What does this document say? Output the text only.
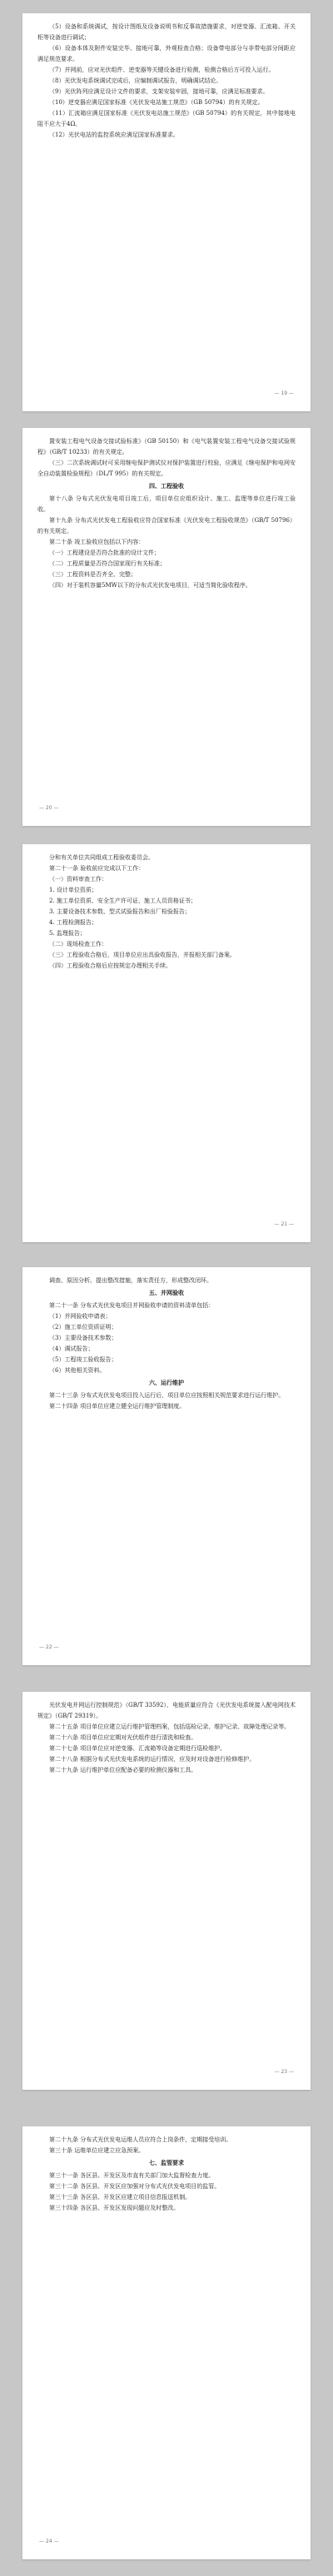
（5）设备和系统调试，按设计图纸及设备说明书和反事故措施要求，对逆变器、汇流箱、开关柜等设备进行调试；

（6）设备本体及附件安装完毕、接地可靠，外观检查合格；设备带电部分与非带电部分间距应满足规范要求。

（7）并网前，应对光伏组件、逆变器等关键设备进行检测，检测合格后方可投入运行。

（8）光伏发电系统调试完成后，应编制调试报告，明确调试结论。

（9）光伏阵列应满足设计文件的要求，支架安装牢固，接地可靠，应满足标准要求。

（10）逆变器应满足国家标准《光伏发电站施工规范》（GB 50794）的有关规定。

（11）汇流箱应满足国家标准《光伏发电站施工规范》（GB 50794）的有关规定，其中接地电阻不应大于4Ω。

（12）光伏电站的监控系统应满足国家标准要求。

— 19 —

置安装工程电气设备交接试验标准》（GB 50150）和《电气装置安装工程电气设备交接试验规程》（GB/T 10233）的有关规定。

（三）二次系统调试时可采用继电保护测试仪对保护装置进行校验，应满足《继电保护和电网安全自动装置检验规程》（DL/T 995）的有关规定。

四、工程验收

第十八条 分布式光伏发电项目竣工后，项目单位应组织设计、施工、监理等单位进行竣工验收。

第十九条 分布式光伏发电工程验收应符合国家标准《光伏发电工程验收规范》（GB/T 50796）的有关规定。

第二十条 竣工验收应包括以下内容：

（一）工程建设是否符合批准的设计文件；

（二）工程质量是否符合国家现行有关标准；

（三）工程资料是否齐全、完整；

（四）对于装机容量5MW以下的分布式光伏发电项目，可适当简化验收程序。

— 20 —

分和有关单位共同组成工程验收委员会。

第二十一条 验收前应完成以下工作：

（一）资料审查工作：

1. 设计单位资质；

2. 施工单位资质、安全生产许可证、施工人员资格证书；

3. 主要设备技术参数、型式试验报告和出厂检验报告；

4. 工程检测报告；

5. 监理报告；

（二）现场检查工作：

（三）工程验收合格后，项目单位应出具验收报告，并报相关部门备案。

（四）工程验收合格后应按规定办理相关手续。

— 21 —

调查、原因分析、提出整改措施，落实责任方，形成整改闭环。

五、并网验收

第二十一条 分布式光伏发电项目并网验收申请的资料清单包括：

（1）并网验收申请表；

（2）施工单位资质证明；

（3）主要设备技术参数；

（4）调试报告；

（5）工程竣工验收报告；

（6）其他相关资料。

六、运行维护

第二十三条 分布式光伏发电项目投入运行后，项目单位应按照相关规范要求进行运行维护。

第二十四条 项目单位应建立健全运行维护管理制度。

— 22 —

光伏发电并网运行控制规范》（GB/T 33592）、电能质量应符合《光伏发电系统接入配电网技术规定》（GB/T 29319）。

第二十五条 项目单位应建立运行维护管理档案，包括巡检记录、维护记录、故障处理记录等。

第二十六条 项目单位应定期对光伏组件进行清洗和检查。

第二十七条 项目单位应对逆变器、汇流箱等设备定期进行巡检维护。

第二十八条 根据分布式光伏发电系统的运行情况，应及时对设备进行检修维护。

第二十九条 运行维护单位应配备必要的检测仪器和工具。

— 23 —

第二十九条 分布式光伏发电运维人员应符合上岗条件，定期接受培训。

第三十条 运维单位应建立应急预案。

七、监管要求

第三十一条 各区县、开发区及市直有关部门加大监督检查力度。

第三十二条 各区县、开发区应加强对分布式光伏发电项目的监管。

第三十三条 各区县、开发区应建立项目信息报送机制。

第三十四条 各区县、开发区发现问题应及时整改。

— 24 —
